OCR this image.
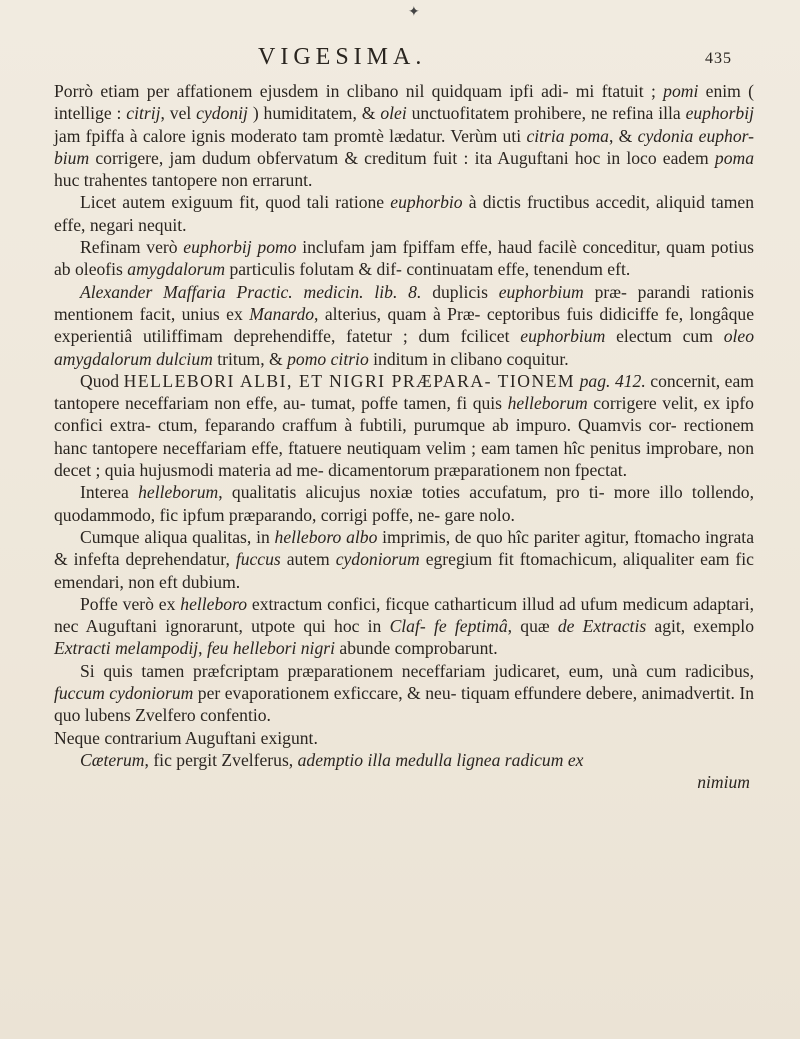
✦
VIGESIMA.	435

Porrò etiam per affationem ejusdem in clibano nil quidquam ipfi adi- mi ftatuit ; pomi enim ( intellige : citrij, vel cydonij ) humiditatem, & olei unctuofitatem prohibere, ne refina illa euphorbij jam fpiffa à calore ignis moderato tam promtè lædatur. Verùm uti citria poma, & cydonia euphor- bium corrigere, jam dudum obfervatum & creditum fuit : ita Auguftani hoc in loco eadem poma huc trahentes tantopere non errarunt.

Licet autem exiguum fit, quod tali ratione euphorbio à dictis fructibus accedit, aliquid tamen effe, negari nequit.

Refinam verò euphorbij pomo inclufam jam fpiffam effe, haud facilè conceditur, quam potius ab oleofis amygdalorum particulis folutam & dif- continuatam effe, tenendum eft.

Alexander Maffaria Practic. medicin. lib. 8. duplicis euphorbium præ- parandi rationis mentionem facit, unius ex Manardo, alterius, quam à Præ- ceptoribus fuis didiciffe fe, longâque experientiâ utiliffimam deprehendiffe, fatetur ; dum fcilicet euphorbium electum cum oleo amygdalorum dulcium tritum, & pomo citrio inditum in clibano coquitur.

Quod HELLEBORI ALBI, ET NIGRI PRÆPARA- TIONEM pag. 412. concernit, eam tantopere neceffariam non effe, au- tumat, poffe tamen, fi quis helleborum corrigere velit, ex ipfo confici extra- ctum, feparando craffum à fubtili, purumque ab impuro. Quamvis cor- rectionem hanc tantopere neceffariam effe, ftatuere neutiquam velim ; eam tamen hîc penitus improbare, non decet ; quia hujusmodi materia ad me- dicamentorum præparationem non fpectat.

Interea helleborum, qualitatis alicujus noxiæ toties accufatum, pro ti- more illo tollendo, quodammodo, fic ipfum præparando, corrigi poffe, ne- gare nolo.

Cumque aliqua qualitas, in helleboro albo imprimis, de quo hîc pariter agitur, ftomacho ingrata & infefta deprehendatur, fuccus autem cydoniorum egregium fit ftomachicum, aliqualiter eam fic emendari, non eft dubium.

Poffe verò ex helleboro extractum confici, ficque catharticum illud ad ufum medicum adaptari, nec Auguftani ignorarunt, utpote qui hoc in Claf- fe feptimâ, quæ de Extractis agit, exemplo Extracti melampodij, feu hellebori nigri abunde comprobarunt.

Si quis tamen præfcriptam præparationem neceffariam judicaret, eum, unà cum radicibus, fuccum cydoniorum per evaporationem exficcare, & neu- tiquam effundere debere, animadvertit. In quo lubens Zvelfero confentio.

Neque contrarium Auguftani exigunt.

Cæterum, fic pergit Zvelferus, ademptio illa medulla lignea radicum ex

nimium
